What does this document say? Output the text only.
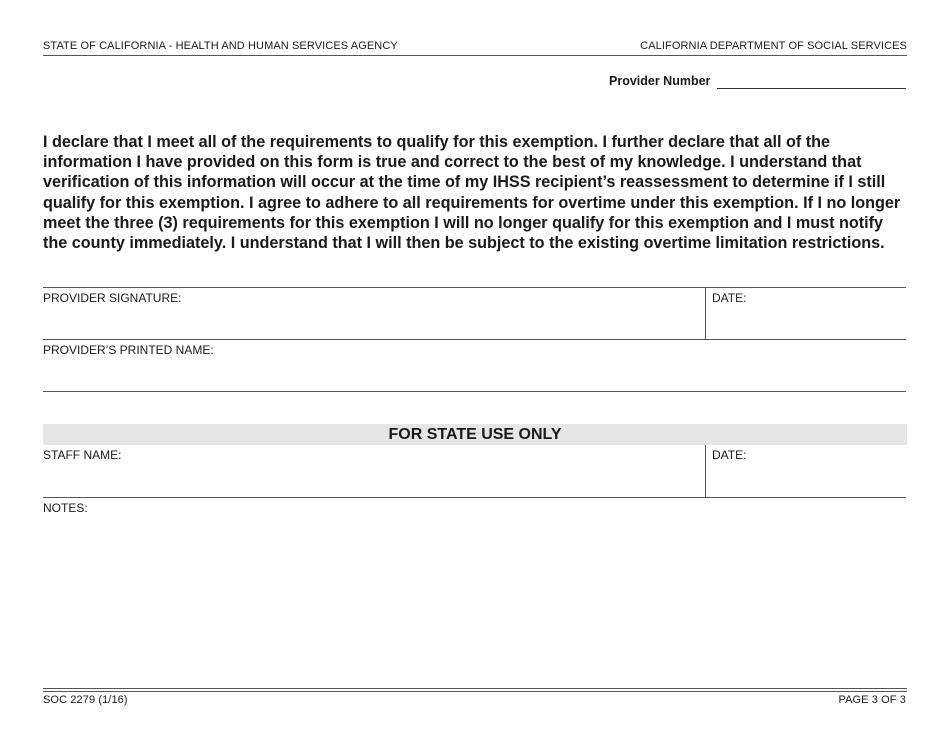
STATE OF CALIFORNIA - HEALTH AND HUMAN SERVICES AGENCY	CALIFORNIA DEPARTMENT OF SOCIAL SERVICES
Provider Number
I declare that I meet all of the requirements to qualify for this exemption. I further declare that all of the information I have provided on this form is true and correct to the best of my knowledge. I understand that verification of this information will occur at the time of my IHSS recipient’s reassessment to determine if I still qualify for this exemption. I agree to adhere to all requirements for overtime under this exemption. If I no longer meet the three (3) requirements for this exemption I will no longer qualify for this exemption and I must notify the county immediately. I understand that I will then be subject to the existing overtime limitation restrictions.
PROVIDER SIGNATURE:	DATE:
PROVIDER’S PRINTED NAME:
FOR STATE USE ONLY
STAFF NAME:	DATE:
NOTES:
SOC 2279 (1/16)	PAGE 3 OF 3
